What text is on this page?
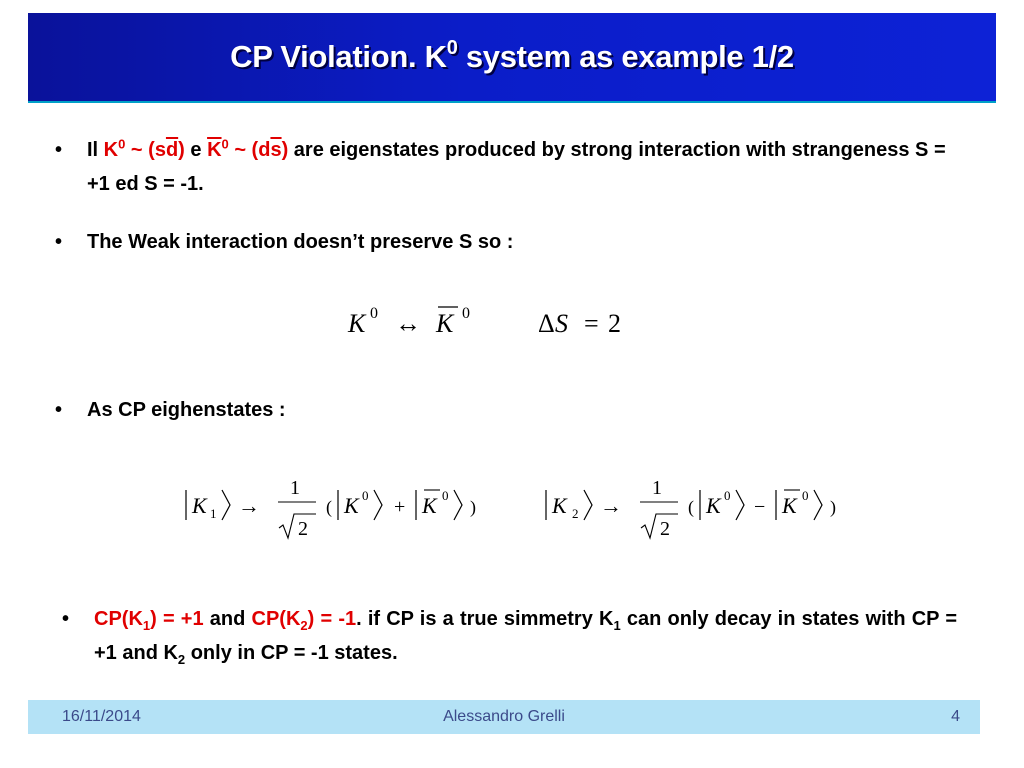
CP Violation. $K^0$ system as example 1/2
• Il $K^0$ ~ $(s\overline{d})$ e $\overline{K}^0$ ~ $(d\overline{s})$ are eigenstates produced by strong interaction with strangeness S = +1 ed S = -1.
• The Weak interaction doesn’t preserve S so :
K 0 ↔ K 0	Δ S = 2
• As CP eighenstates :
K 1 →
1
2
( K 0
+ K 0
)	K 2 →
1
2
( K 0
− K 0
)
• $CP(K_1) = +1$ and $CP(K_2) = -1$. if CP is a true simmetry $K_1$ can only decay in states with CP = +1 and $K_2$ only in CP = -1 states.
16/11/2014	Alessandro Grelli	4
